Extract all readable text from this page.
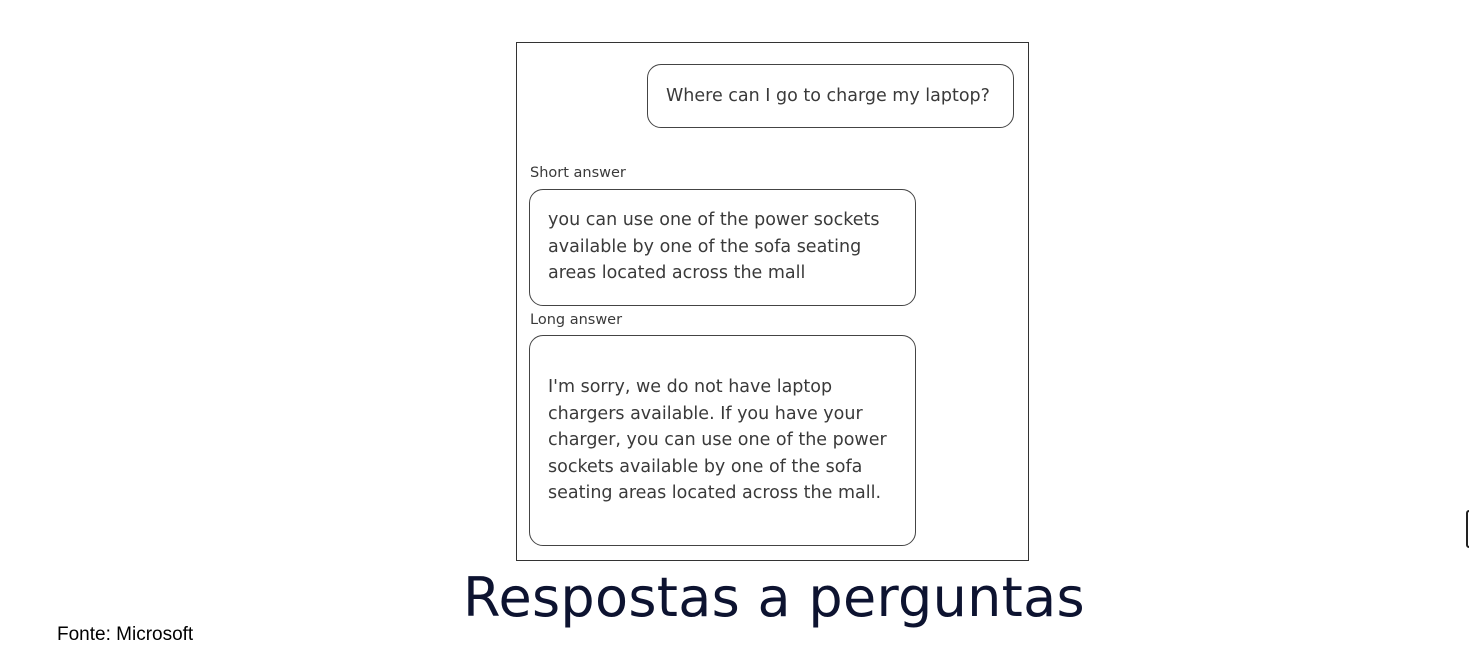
Where can I go to charge my laptop?
Short answer
you can use one of the power sockets available by one of the sofa seating areas located across the mall
Long answer
I'm sorry, we do not have laptop chargers available. If you have your charger, you can use one of the power sockets available by one of the sofa seating areas located across the mall.
Respostas a perguntas
Fonte: Microsoft
